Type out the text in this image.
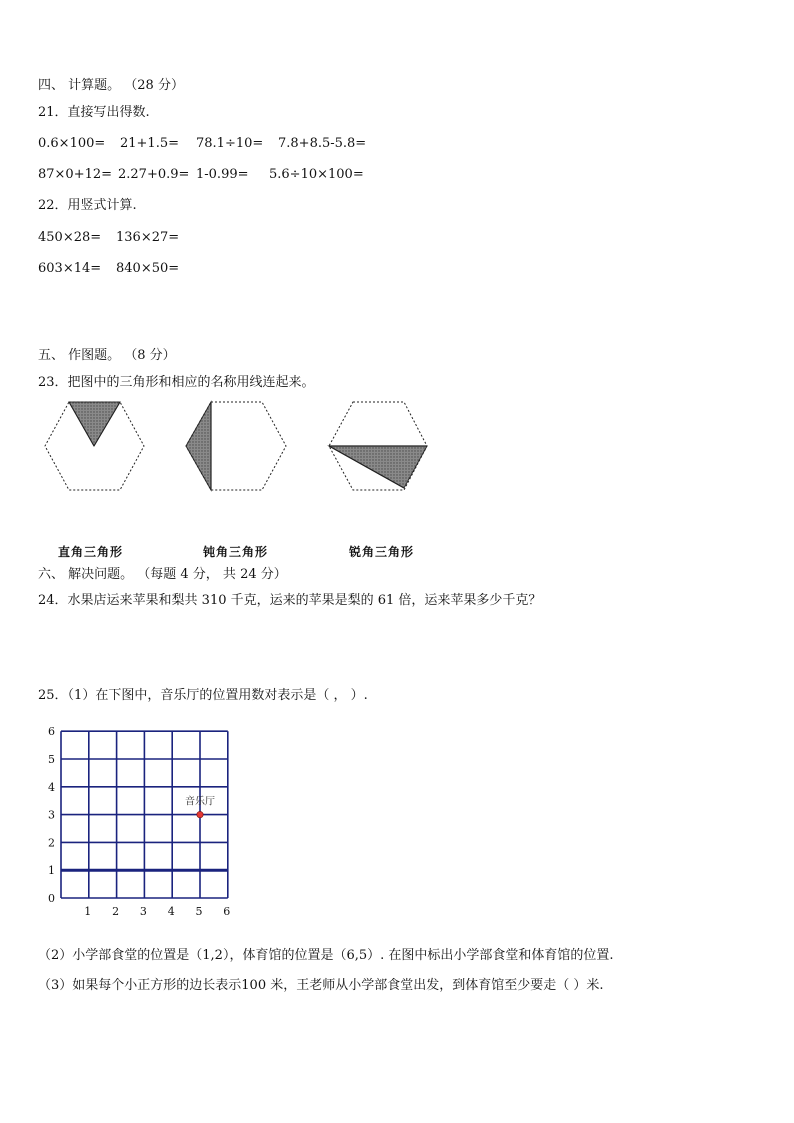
四、 计算题。 （28 分）
21．直接写出得数.
0.6×100= 21+1.5= 78.1÷10= 7.8+8.5-5.8=
87×0+12= 2.27+0.9= 1-0.99= 5.6÷10×100=
22．用竖式计算.
450×28= 136×27=
603×14= 840×50=
五、 作图题。 （8 分）
23．把图中的三角形和相应的名称用线连起来。
直角三角形	钝角三角形	锐角三角形
六、 解决问题。 （每题 4 分， 共 24 分）
24．水果店运来苹果和梨共 310 千克，运来的苹果是梨的 61 倍，运来苹果多少千克？
25．（1）在下图中，音乐厅的位置用数对表示是（ ， ）.
1 2 3 4 5 6
0
1
2
3
4
5
6
音乐厅
（2）小学部食堂的位置是（1,2），体育馆的位置是（6,5）. 在图中标出小学部食堂和体育馆的位置.
（3）如果每个小正方形的边长表示100 米，王老师从小学部食堂出发，到体育馆至少要走（ ）米.
